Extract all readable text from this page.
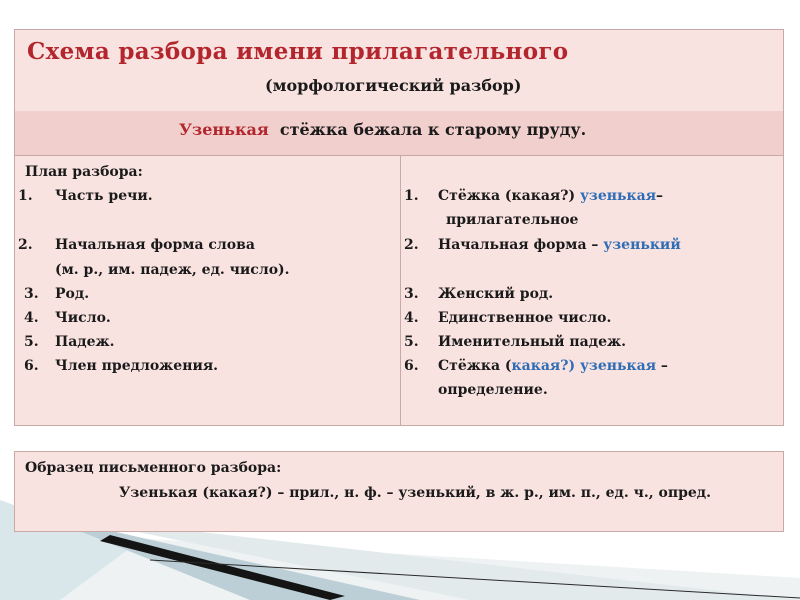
Схема разбора имени прилагательного
(морфологический разбор)
Узенькая стёжка бежала к старому пруду.
План разбора:
1. Часть речи.
2. Начальная форма слова
(м. р., им. падеж, ед. число).
3. Род.
4. Число.
5. Падеж.
6. Член предложения.
1. Стёжка (какая?) узенькая–
прилагательное
2. Начальная форма – узенький
3. Женский род.
4. Единственное число.
5. Именительный падеж.
6. Стёжка (какая?) узенькая –
определение.
Образец письменного разбора:
Узенькая (какая?) – прил., н. ф. – узенький, в ж. р., им. п., ед. ч., опред.
